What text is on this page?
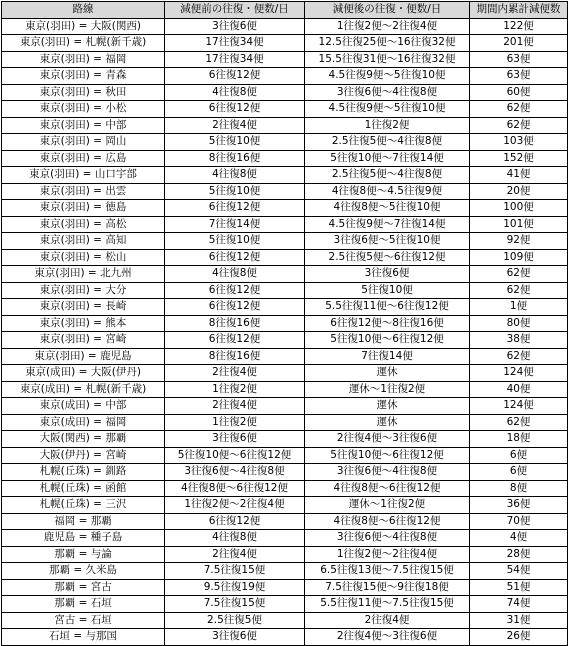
路線	減便前の往復・便数/日	減便後の往復・便数/日	期間内累計減便数
東京(羽田) = 大阪(関西)	3往復6便	1往復2便～2往復4便	122便
東京(羽田) = 札幌(新千歳)	17往復34便	12.5往復25便～16往復32便	201便
東京(羽田) = 福岡	17往復34便	15.5往復31便～16往復32便	63便
東京(羽田) = 青森	6往復12便	4.5往復9便～5往復10便	63便
東京(羽田) = 秋田	4往復8便	3往復6便～4往復8便	60便
東京(羽田) = 小松	6往復12便	4.5往復9便～5往復10便	62便
東京(羽田) = 中部	2往復4便	1往復2便	62便
東京(羽田) = 岡山	5往復10便	2.5往復5便～4往復8便	103便
東京(羽田) = 広島	8往復16便	5往復10便～7往復14便	152便
東京(羽田) = 山口宇部	4往復8便	2.5往復5便～4往復8便	41便
東京(羽田) = 出雲	5往復10便	4往復8便～4.5往復9便	20便
東京(羽田) = 徳島	6往復12便	4往復8便～5往復10便	100便
東京(羽田) = 高松	7往復14便	4.5往復9便～7往復14便	101便
東京(羽田) = 高知	5往復10便	3往復6便～5往復10便	92便
東京(羽田) = 松山	6往復12便	2.5往復5便～6往復12便	109便
東京(羽田) = 北九州	4往復8便	3往復6便	62便
東京(羽田) = 大分	6往復12便	5往復10便	62便
東京(羽田) = 長崎	6往復12便	5.5往復11便～6往復12便	1便
東京(羽田) = 熊本	8往復16便	6往復12便～8往復16便	80便
東京(羽田) = 宮崎	6往復12便	5往復10便～6往復12便	38便
東京(羽田) = 鹿児島	8往復16便	7往復14便	62便
東京(成田) = 大阪(伊丹)	2往復4便	運休	124便
東京(成田) = 札幌(新千歳)	1往復2便	運休～1往復2便	40便
東京(成田) = 中部	2往復4便	運休	124便
東京(成田) = 福岡	1往復2便	運休	62便
大阪(関西) = 那覇	3往復6便	2往復4便～3往復6便	18便
大阪(伊丹) = 宮崎	5往復10便～6往復12便	5往復10便～6往復12便	6便
札幌(丘珠) = 釧路	3往復6便～4往復8便	3往復6便～4往復8便	6便
札幌(丘珠) = 函館	4往復8便～6往復12便	4往復8便～6往復12便	8便
札幌(丘珠) = 三沢	1往復2便～2往復4便	運休～1往復2便	36便
福岡 = 那覇	6往復12便	4往復8便～6往復12便	70便
鹿児島 = 種子島	4往復8便	3往復6便～4往復8便	4便
那覇 = 与論	2往復4便	1往復2便～2往復4便	28便
那覇 = 久米島	7.5往復15便	6.5往復13便～7.5往復15便	54便
那覇 = 宮古	9.5往復19便	7.5往復15便～9往復18便	51便
那覇 = 石垣	7.5往復15便	5.5往復11便～7.5往復15便	74便
宮古 = 石垣	2.5往復5便	2往復4便	31便
石垣 = 与那国	3往復6便	2往復4便～3往復6便	26便
